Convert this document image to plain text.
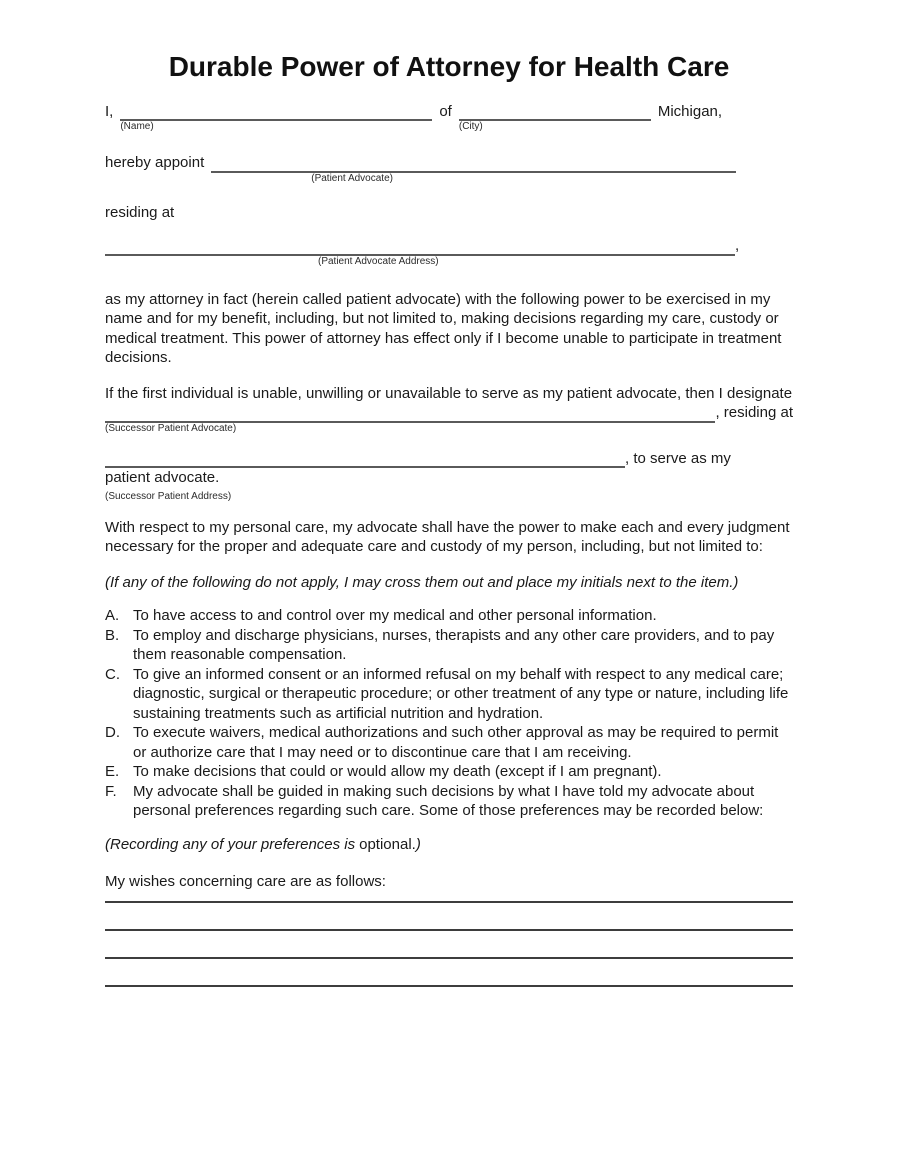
Durable Power of Attorney for Health Care
I,
(Name)
of
(City)
Michigan,
hereby appoint
(Patient Advocate)

residing at

(Patient Advocate Address)
,

as my attorney in fact (herein called patient advocate) with the following power to be exercised in my name and for my benefit, including, but not limited to, making decisions regarding my care, custody or medical treatment. This power of attorney has effect only if I become unable to participate in treatment decisions.

If the first individual is unable, unwilling or unavailable to serve as my patient advocate, then I designate

(Successor Patient Advocate)
, residing at
, to serve as my

patient advocate.

(Successor Patient Address)

With respect to my personal care, my advocate shall have the power to make each and every judgment necessary for the proper and adequate care and custody of my person, including, but not limited to:

(If any of the following do not apply, I may cross them out and place my initials next to the item.)

A. To have access to and control over my medical and other personal information.
B. To employ and discharge physicians, nurses, therapists and any other care providers, and to pay them reasonable compensation.
C. To give an informed consent or an informed refusal on my behalf with respect to any medical care; diagnostic, surgical or therapeutic procedure; or other treatment of any type or nature, including life sustaining treatments such as artificial nutrition and hydration.
D. To execute waivers, medical authorizations and such other approval as may be required to permit or authorize care that I may need or to discontinue care that I am receiving.
E. To make decisions that could or would allow my death (except if I am pregnant).
F.	My advocate shall be guided in making such decisions by what I have told my advocate about personal preferences regarding such care. Some of those preferences may be recorded below:

(Recording any of your preferences is optional.)

My wishes concerning care are as follows:
